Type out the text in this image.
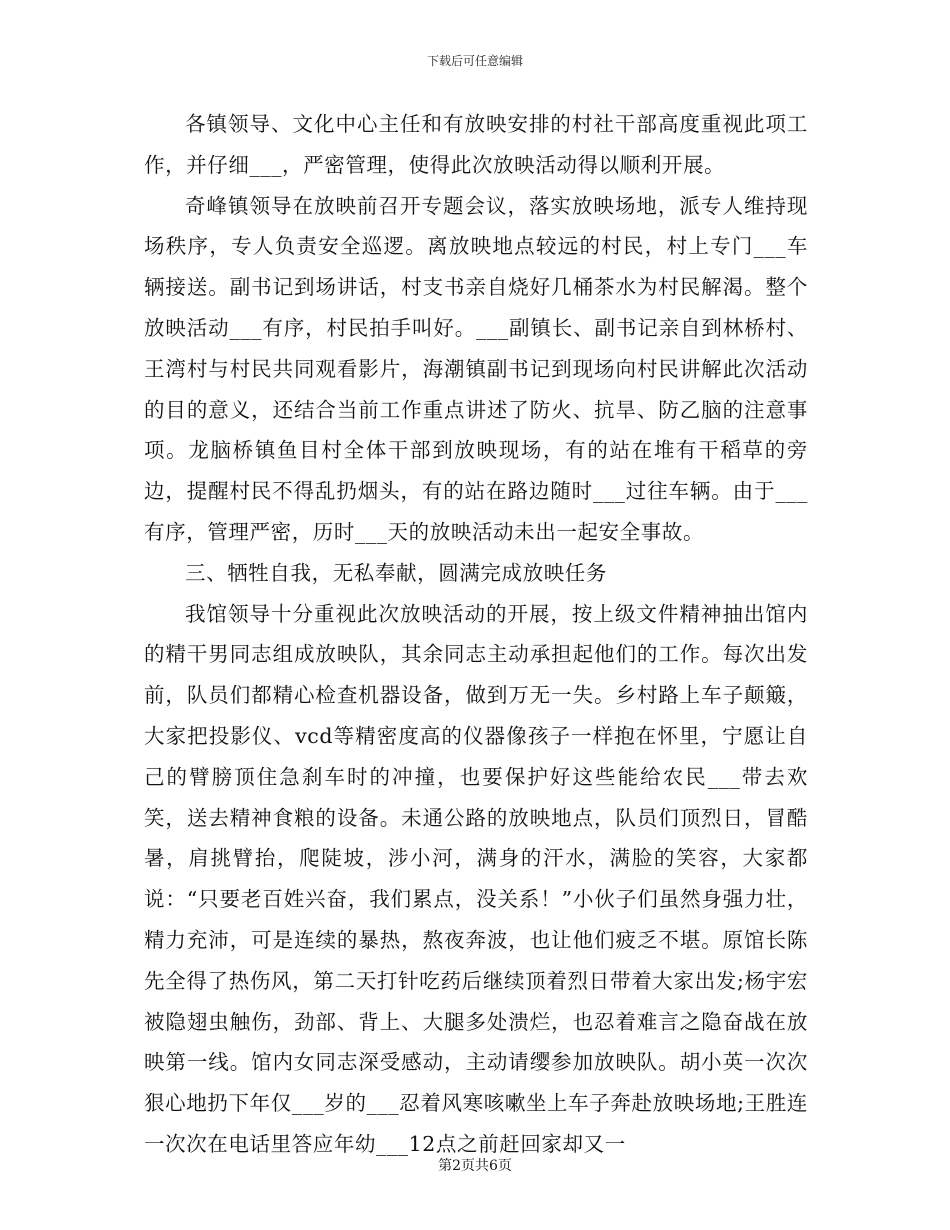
下载后可任意编辑

各镇领导、文化中心主任和有放映安排的村社干部高度重视此项工作，并仔细___，严密管理，使得此次放映活动得以顺利开展。

奇峰镇领导在放映前召开专题会议，落实放映场地，派专人维持现场秩序，专人负责安全巡逻。离放映地点较远的村民，村上专门___车辆接送。副书记到场讲话，村支书亲自烧好几桶茶水为村民解渴。整个放映活动___有序，村民拍手叫好。___副镇长、副书记亲自到林桥村、王湾村与村民共同观看影片，海潮镇副书记到现场向村民讲解此次活动的目的意义，还结合当前工作重点讲述了防火、抗旱、防乙脑的注意事项。龙脑桥镇鱼目村全体干部到放映现场，有的站在堆有干稻草的旁边，提醒村民不得乱扔烟头，有的站在路边随时___过往车辆。由于___有序，管理严密，历时___天的放映活动未出一起安全事故。

三、牺牲自我，无私奉献，圆满完成放映任务

我馆领导十分重视此次放映活动的开展，按上级文件精神抽出馆内的精干男同志组成放映队，其余同志主动承担起他们的工作。每次出发前，队员们都精心检查机器设备，做到万无一失。乡村路上车子颠簸，大家把投影仪、vcd等精密度高的仪器像孩子一样抱在怀里，宁愿让自己的臂膀顶住急刹车时的冲撞，也要保护好这些能给农民___带去欢笑，送去精神食粮的设备。未通公路的放映地点，队员们顶烈日，冒酷暑，肩挑臂抬，爬陡坡，涉小河，满身的汗水，满脸的笑容，大家都说：“只要老百姓兴奋，我们累点，没关系！”小伙子们虽然身强力壮，精力充沛，可是连续的暴热，熬夜奔波，也让他们疲乏不堪。原馆长陈先全得了热伤风，第二天打针吃药后继续顶着烈日带着大家出发;杨宇宏被隐翅虫触伤，劲部、背上、大腿多处溃烂，也忍着难言之隐奋战在放映第一线。馆内女同志深受感动，主动请缨参加放映队。胡小英一次次狠心地扔下年仅___岁的___忍着风寒咳嗽坐上车子奔赴放映场地;王胜连一次次在电话里答应年幼___12点之前赶回家却又一

第2页共6页
